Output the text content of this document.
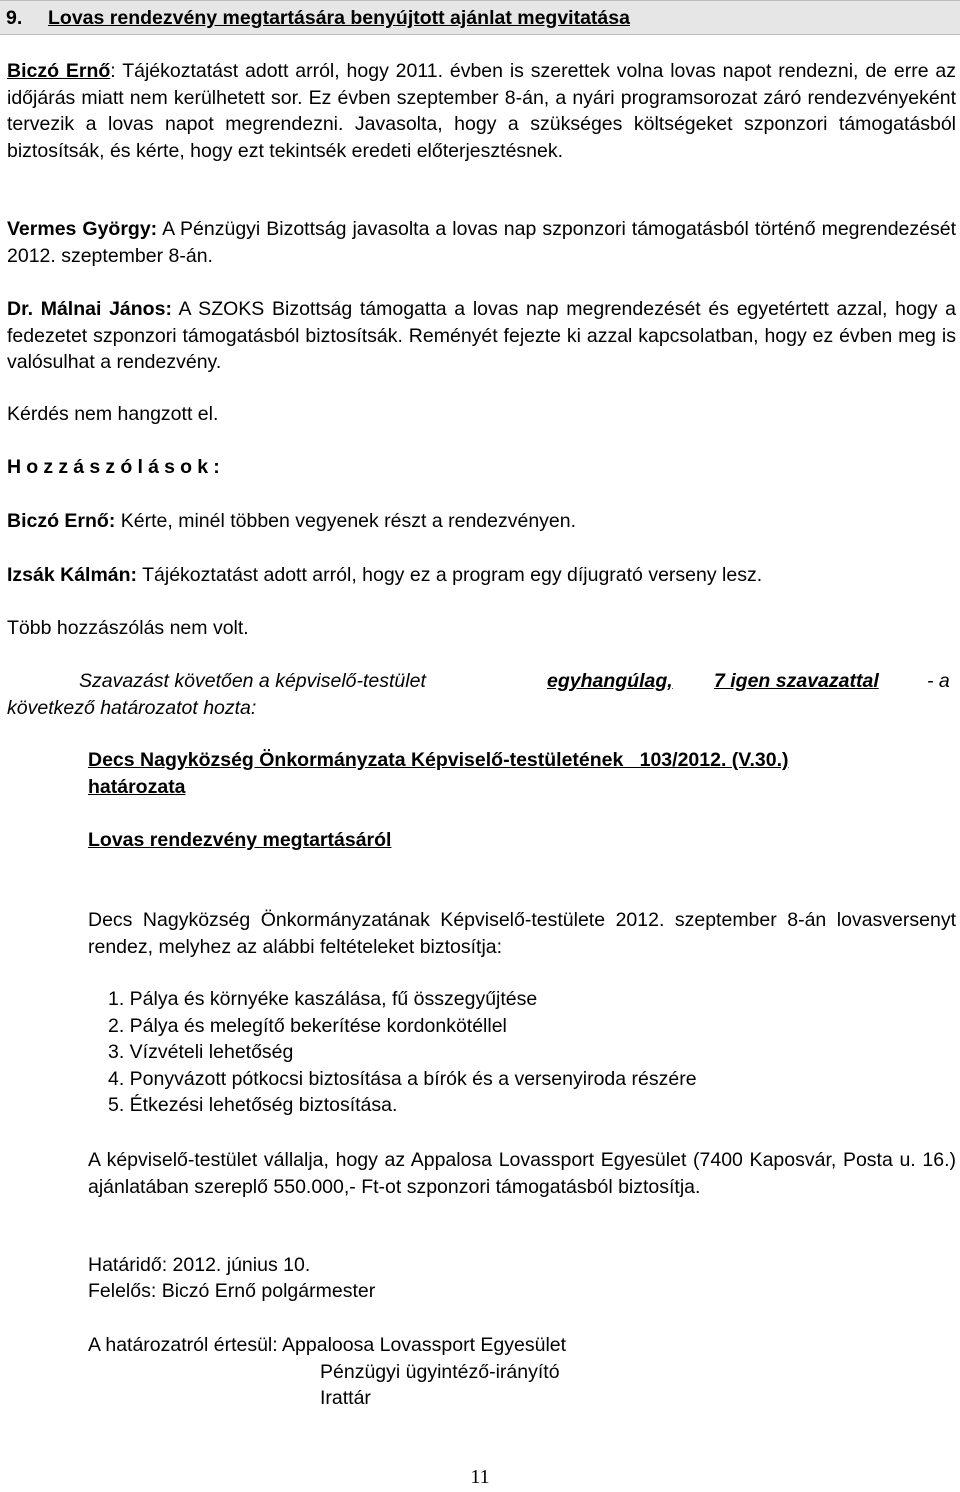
9. Lovas rendezvény megtartására benyújtott ajánlat megvitatása

Biczó Ernő: Tájékoztatást adott arról, hogy 2011. évben is szerettek volna lovas napot rendezni, de erre az időjárás miatt nem kerülhetett sor. Ez évben szeptember 8-án, a nyári programsorozat záró rendezvényeként tervezik a lovas napot megrendezni. Javasolta, hogy a szükséges költségeket szponzori támogatásból biztosítsák, és kérte, hogy ezt tekintsék eredeti előterjesztésnek.

Vermes György: A Pénzügyi Bizottság javasolta a lovas nap szponzori támogatásból történő megrendezését 2012. szeptember 8-án.

Dr. Málnai János: A SZOKS Bizottság támogatta a lovas nap megrendezését és egyetértett azzal, hogy a fedezetet szponzori támogatásból biztosítsák. Reményét fejezte ki azzal kapcsolatban, hogy ez évben meg is valósulhat a rendezvény.

Kérdés nem hangzott el.

Hozzászólások:

Biczó Ernő: Kérte, minél többen vegyenek részt a rendezvényen.

Izsák Kálmán: Tájékoztatást adott arról, hogy ez a program egy díjugrató verseny lesz.

Több hozzászólás nem volt.

Szavazást követően a képviselő-testület	egyhangúlag, 7 igen szavazattal - a
következő határozatot hozta:
Decs Nagyközség Önkormányzata Képviselő-testületének   103/2012. (V.30.)
határozata
Lovas rendezvény megtartásáról

Decs Nagyközség Önkormányzatának Képviselő-testülete 2012. szeptember 8-án lovasversenyt rendez, melyhez az alábbi feltételeket biztosítja:

1. Pálya és környéke kaszálása, fű összegyűjtése
2. Pálya és melegítő bekerítése kordonkötéllel
3. Vízvételi lehetőség
4. Ponyvázott pótkocsi biztosítása a bírók és a versenyiroda részére
5. Étkezési lehetőség biztosítása.

A képviselő-testület vállalja, hogy az Appalosa Lovassport Egyesület (7400 Kaposvár, Posta u. 16.) ajánlatában szereplő 550.000,- Ft-ot szponzori támogatásból biztosítja.

Határidő: 2012. június 10.
Felelős: Biczó Ernő polgármester
A határozatról értesül: Appaloosa Lovassport Egyesület
Pénzügyi ügyintéző-irányító
Irattár
11
